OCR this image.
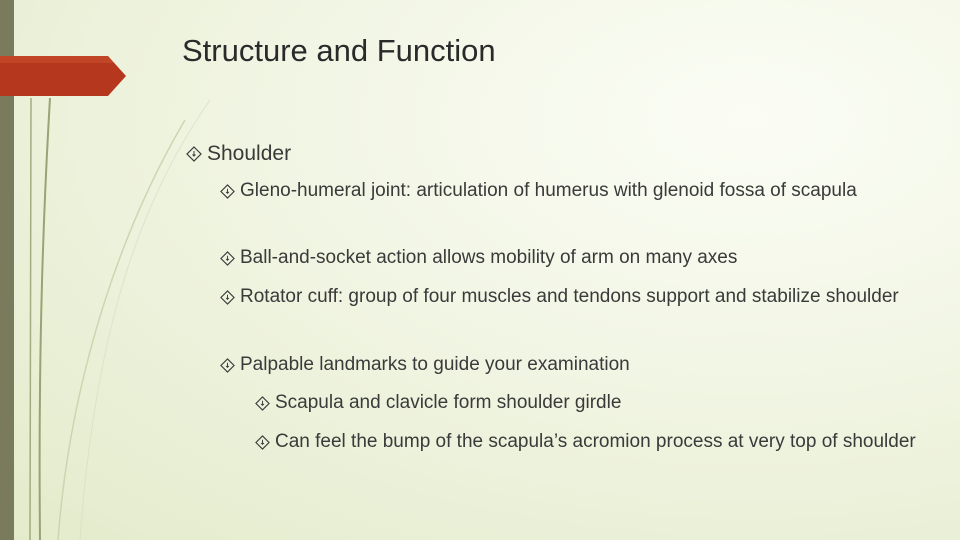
Structure and Function
Shoulder
Gleno-humeral joint: articulation of humerus with glenoid fossa of scapula
Ball-and-socket action allows mobility of arm on many axes
Rotator cuff: group of four muscles and tendons support and stabilize shoulder
Palpable landmarks to guide your examination
Scapula and clavicle form shoulder girdle
Can feel the bump of the scapula’s acromion process at very top of shoulder
